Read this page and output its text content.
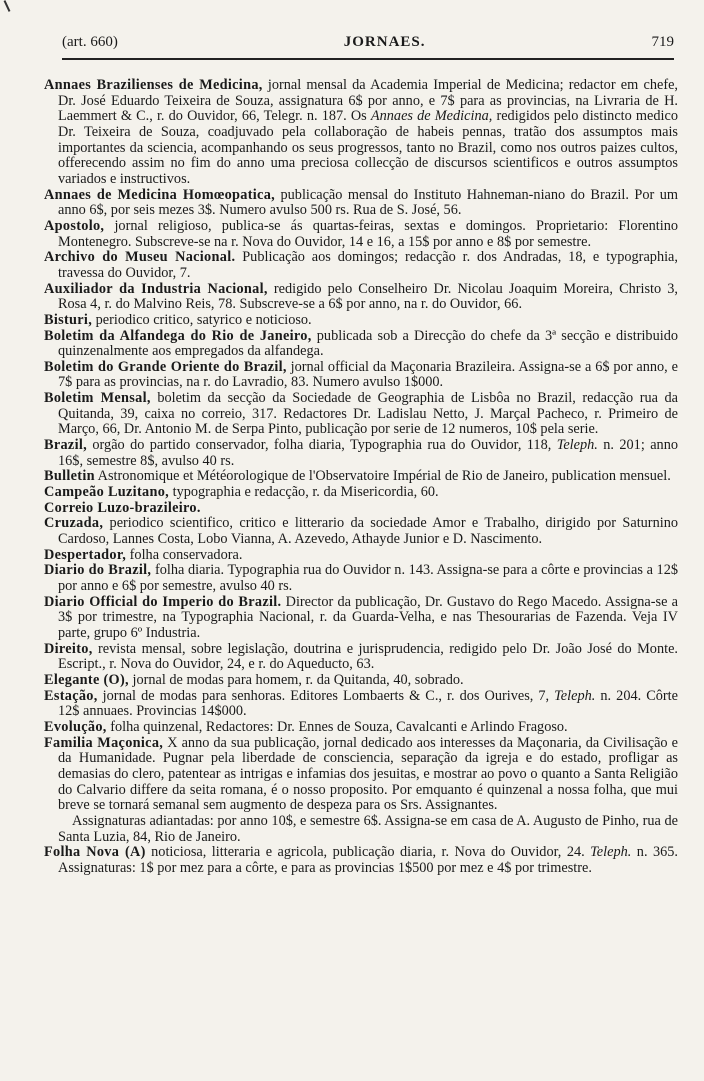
(art. 660)	JORNAES.	719

Annaes Brazilienses de Medicina, jornal mensal da Academia Imperial de Medicina; redactor em chefe, Dr. José Eduardo Teixeira de Souza, assignatura 6$ por anno, e 7$ para as provincias, na Livraria de H. Laemmert & C., r. do Ouvidor, 66, Telegr. n. 187. Os Annaes de Medicina, redigidos pelo distincto medico Dr. Teixeira de Souza, coadjuvado pela collaboração de habeis pennas, tratão dos assumptos mais importantes da sciencia, acompanhando os seus progressos, tanto no Brazil, como nos outros paizes cultos, offerecendo assim no fim do anno uma preciosa collecção de discursos scientificos e outros assumptos variados e instructivos.

Annaes de Medicina Homœopatica, publicação mensal do Instituto Hahneman-niano do Brazil. Por um anno 6$, por seis mezes 3$. Numero avulso 500 rs. Rua de S. José, 56.

Apostolo, jornal religioso, publica-se ás quartas-feiras, sextas e domingos. Proprietario: Florentino Montenegro. Subscreve-se na r. Nova do Ouvidor, 14 e 16, a 15$ por anno e 8$ por semestre.

Archivo do Museu Nacional. Publicação aos domingos; redacção r. dos Andradas, 18, e typographia, travessa do Ouvidor, 7.

Auxiliador da Industria Nacional, redigido pelo Conselheiro Dr. Nicolau Joaquim Moreira, Christo 3, Rosa 4, r. do Malvino Reis, 78. Subscreve-se a 6$ por anno, na r. do Ouvidor, 66.

Bisturi, periodico critico, satyrico e noticioso.

Boletim da Alfandega do Rio de Janeiro, publicada sob a Direcção do chefe da 3ª secção e distribuido quinzenalmente aos empregados da alfandega.

Boletim do Grande Oriente do Brazil, jornal official da Maçonaria Brazileira. Assigna-se a 6$ por anno, e 7$ para as provincias, na r. do Lavradio, 83. Numero avulso 1$000.

Boletim Mensal, boletim da secção da Sociedade de Geographia de Lisbôa no Brazil, redacção rua da Quitanda, 39, caixa no correio, 317. Redactores Dr. Ladislau Netto, J. Marçal Pacheco, r. Primeiro de Março, 66, Dr. Antonio M. de Serpa Pinto, publicação por serie de 12 numeros, 10$ pela serie.

Brazil, orgão do partido conservador, folha diaria, Typographia rua do Ouvidor, 118, Teleph. n. 201; anno 16$, semestre 8$, avulso 40 rs.

Bulletin Astronomique et Météorologique de l'Observatoire Impérial de Rio de Janeiro, publication mensuel.

Campeão Luzitano, typographia e redacção, r. da Misericordia, 60.

Correio Luzo-brazileiro.

Cruzada, periodico scientifico, critico e litterario da sociedade Amor e Trabalho, dirigido por Saturnino Cardoso, Lannes Costa, Lobo Vianna, A. Azevedo, Athayde Junior e D. Nascimento.

Despertador, folha conservadora.

Diario do Brazil, folha diaria. Typographia rua do Ouvidor n. 143. Assigna-se para a côrte e provincias a 12$ por anno e 6$ por semestre, avulso 40 rs.

Diario Official do Imperio do Brazil. Director da publicação, Dr. Gustavo do Rego Macedo. Assigna-se a 3$ por trimestre, na Typographia Nacional, r. da Guarda-Velha, e nas Thesourarias de Fazenda. Veja IV parte, grupo 6º Industria.

Direito, revista mensal, sobre legislação, doutrina e jurisprudencia, redigido pelo Dr. João José do Monte. Escript., r. Nova do Ouvidor, 24, e r. do Aqueducto, 63.

Elegante (O), jornal de modas para homem, r. da Quitanda, 40, sobrado.

Estação, jornal de modas para senhoras. Editores Lombaerts & C., r. dos Ourives, 7, Teleph. n. 204. Côrte 12$ annuaes. Provincias 14$000.

Evolução, folha quinzenal, Redactores: Dr. Ennes de Souza, Cavalcanti e Arlindo Fragoso.

Familia Maçonica, X anno da sua publicação, jornal dedicado aos interesses da Maçonaria, da Civilisação e da Humanidade. Pugnar pela liberdade de consciencia, separação da igreja e do estado, profligar as demasias do clero, patentear as intrigas e infamias dos jesuitas, e mostrar ao povo o quanto a Santa Religião do Calvario differe da seita romana, é o nosso proposito. Por emquanto é quinzenal a nossa folha, que mui breve se tornará semanal sem augmento de despeza para os Srs. Assignantes.

Assignaturas adiantadas: por anno 10$, e semestre 6$. Assigna-se em casa de A. Augusto de Pinho, rua de Santa Luzia, 84, Rio de Janeiro.

Folha Nova (A) noticiosa, litteraria e agricola, publicação diaria, r. Nova do Ouvidor, 24. Teleph. n. 365. Assignaturas: 1$ por mez para a côrte, e para as provincias 1$500 por mez e 4$ por trimestre.
